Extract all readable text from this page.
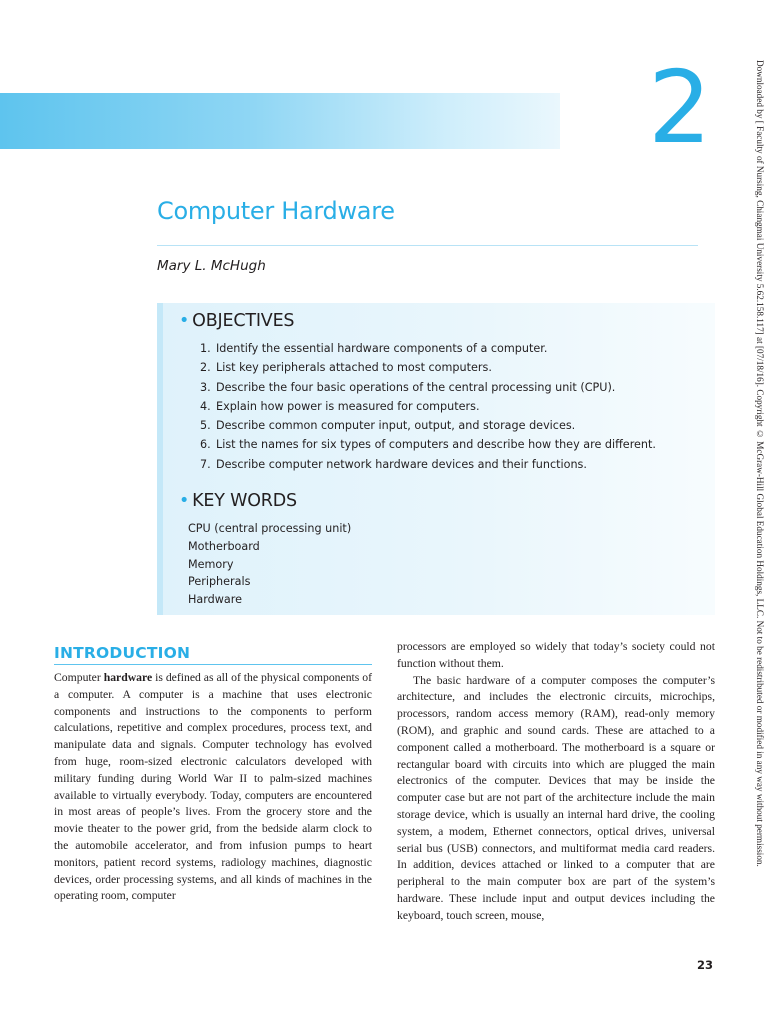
2
Computer Hardware
Mary L. McHugh
• OBJECTIVES
1. Identify the essential hardware components of a computer.
2. List key peripherals attached to most computers.
3. Describe the four basic operations of the central processing unit (CPU).
4. Explain how power is measured for computers.
5. Describe common computer input, output, and storage devices.
6. List the names for six types of computers and describe how they are different.
7. Describe computer network hardware devices and their functions.
• KEY WORDS
CPU (central processing unit)
Motherboard
Memory
Peripherals
Hardware
INTRODUCTION

Computer hardware is defined as all of the physical components of a computer. A computer is a machine that uses electronic components and instructions to the components to perform calculations, repetitive and complex procedures, process text, and manipulate data and signals. Computer technology has evolved from huge, room-sized electronic calculators developed with military funding during World War II to palm-sized machines available to virtually everybody. Today, computers are encountered in most areas of people’s lives. From the grocery store and the movie theater to the power grid, from the bedside alarm clock to the automobile accelerator, and from infusion pumps to heart monitors, patient record systems, radiology machines, diagnostic devices, order processing systems, and all kinds of machines in the operating room, computer

processors are employed so widely that today’s society could not function without them.

The basic hardware of a computer composes the computer’s architecture, and includes the electronic circuits, microchips, processors, random access memory (RAM), read-only memory (ROM), and graphic and sound cards. These are attached to a component called a motherboard. The motherboard is a square or rectangular board with circuits into which are plugged the main electronics of the computer. Devices that may be inside the computer case but are not part of the architecture include the main storage device, which is usually an internal hard drive, the cooling system, a modem, Ethernet connectors, optical drives, universal serial bus (USB) connectors, and multiformat media card readers. In addition, devices attached or linked to a computer that are peripheral to the main computer box are part of the system’s hardware. These include input and output devices including the keyboard, touch screen, mouse,

23
Downloaded by [ Faculty of Nursing, Chiangmai University 5.62.158.117] at [07/18/16]. Copyright © McGraw-Hill Global Education Holdings, LLC. Not to be redistributed or modified in any way without permission.
